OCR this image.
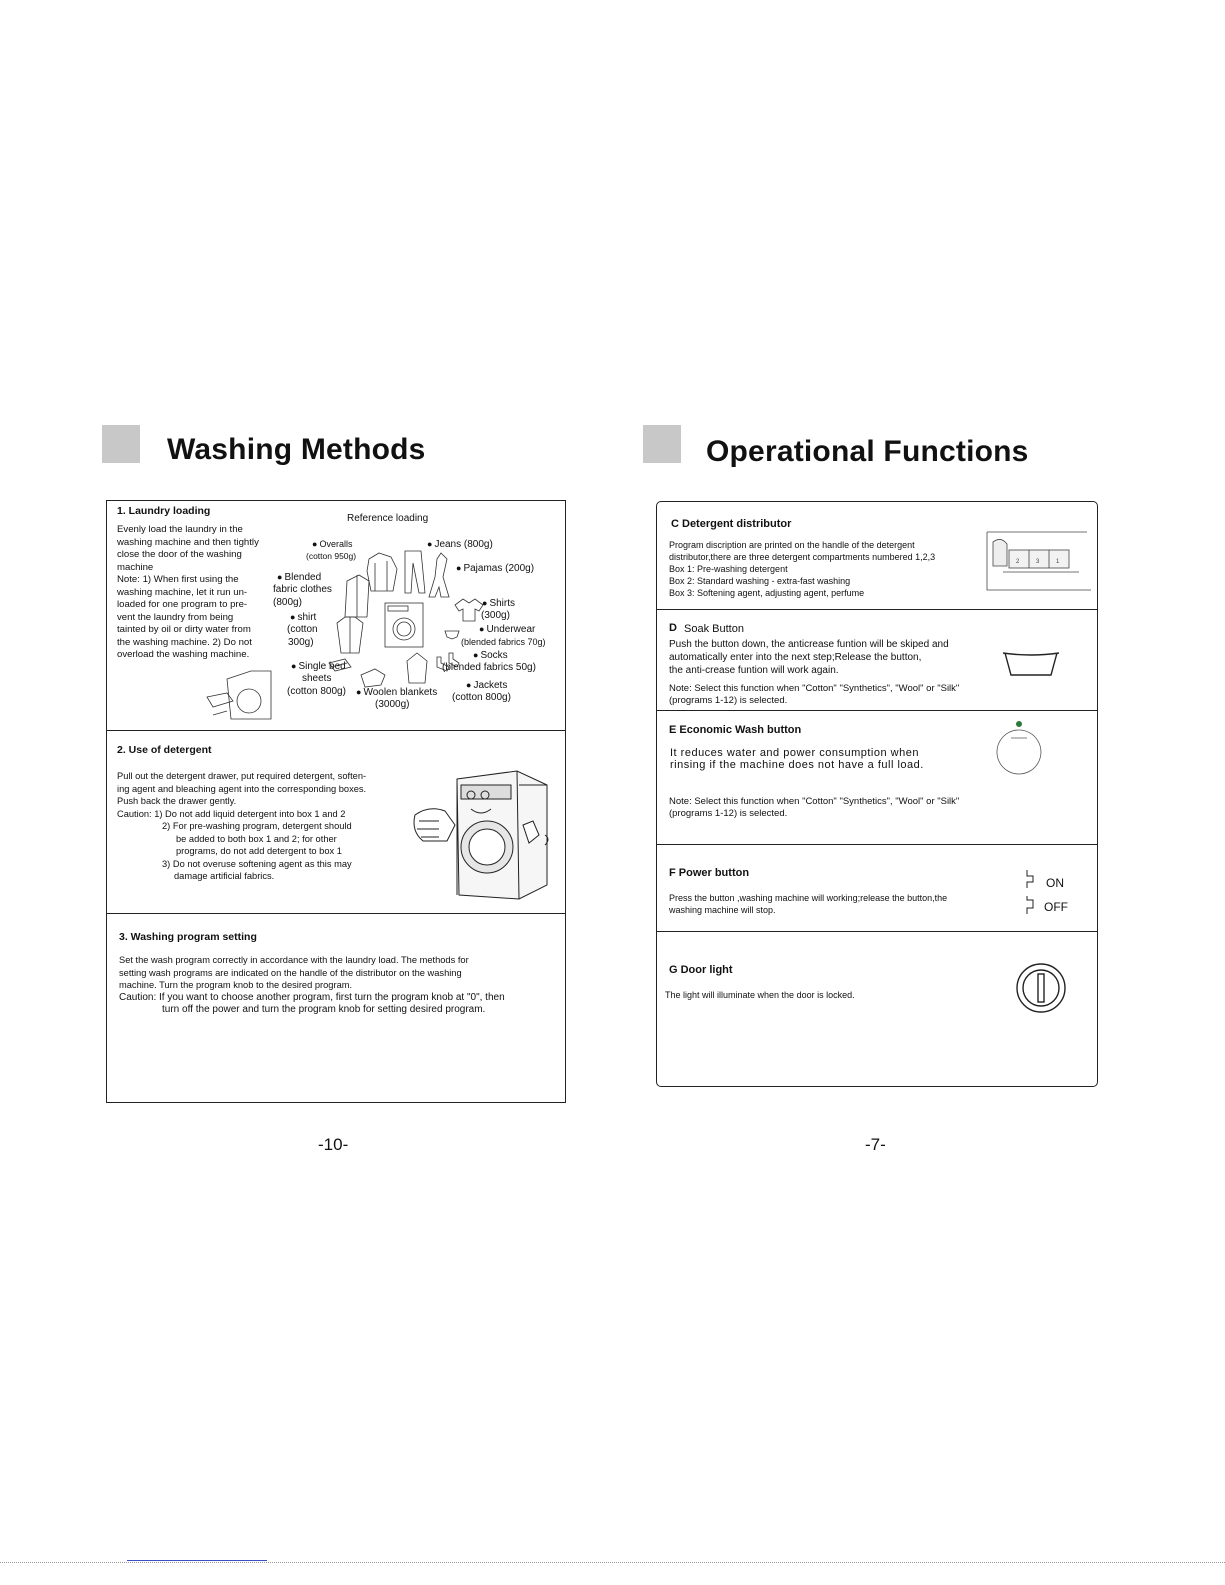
Washing Methods
1. Laundry loading
Evenly load the laundry in the
washing machine and then tightly
close the door of the washing
machine
Note: 1) When first using the
washing machine, let it run un-
loaded for one program to pre-
vent the laundry from being
tainted by oil or dirty water from
the washing machine. 2) Do not
overload the washing machine.
Reference loading
● Overalls
(cotton 950g)
● Jeans (800g)
● Pajamas (200g)
● Blended
fabric clothes
(800g)	● Shirts
(300g)
● Underwear
(blended fabrics 70g)
● shirt
(cotton
300g)
● Socks
(blended fabrics 50g)
● Single bed
sheets
(cotton 800g)	● Woolen blankets
(3000g)
● Jackets
(cotton 800g)
2. Use of detergent
Pull out the detergent drawer, put required detergent, soften-
ing agent and bleaching agent into the corresponding boxes.
Push back the drawer gently.
Caution: 1) Do not add liquid detergent into box 1 and 2
2) For pre-washing program, detergent should
be added to both box 1 and 2; for other
programs, do not add detergent to box 1
3) Do not overuse softening agent as this may
damage artificial fabrics.
3. Washing program setting
Set the wash program correctly in accordance with the laundry load. The methods for
setting wash programs are indicated on the handle of the distributor on the washing
machine. Turn the program knob to the desired program.
Caution: If you want to choose another program, first turn the program knob at "0", then
turn off the power and turn the program knob for setting desired program.
-10-
Operational Functions
C Detergent distributor
Program discription are printed on the handle of the detergent
distributor,there are three detergent compartments numbered 1,2,3
Box 1: Pre-washing detergent
Box 2: Standard washing - extra-fast washing
Box 3: Softening agent, adjusting agent, perfume
2	3	1
D Soak Button
Push the button down, the anticrease funtion will be skiped and
automatically enter into the next step;Release the button,
the anti-crease funtion will work again.
Note: Select this function when "Cotton" "Synthetics", "Wool" or "Silk"
(programs 1-12) is selected.
E Economic Wash button
It reduces water and power consumption when
rinsing if the machine does not have a full load.
Note: Select this function when "Cotton" "Synthetics", "Wool" or "Silk"
(programs 1-12) is selected.
F Power button
Press the button ,washing machine will working;release the button,the
washing machine will stop.
ON
OFF
G Door light
The light will illuminate when the door is locked.
-7-
